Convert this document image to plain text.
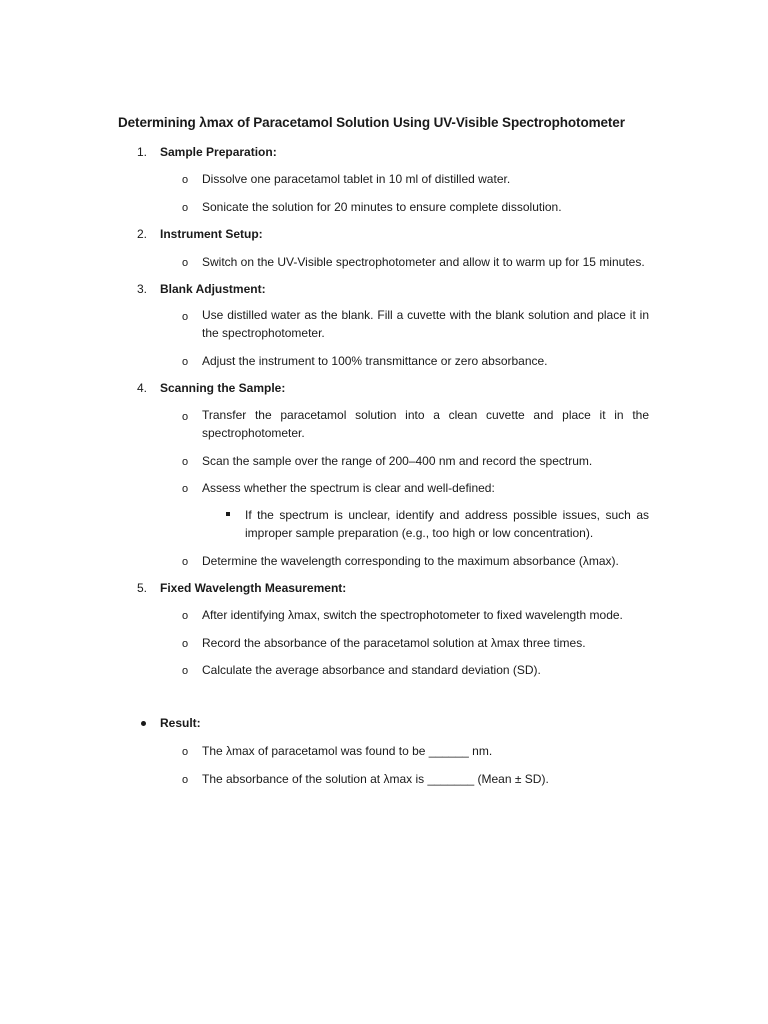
Determining λmax of Paracetamol Solution Using UV-Visible Spectrophotometer
1. Sample Preparation:
o Dissolve one paracetamol tablet in 10 ml of distilled water.
o Sonicate the solution for 20 minutes to ensure complete dissolution.
2. Instrument Setup:
o Switch on the UV-Visible spectrophotometer and allow it to warm up for 15 minutes.
3. Blank Adjustment:
o Use distilled water as the blank. Fill a cuvette with the blank solution and place it in the spectrophotometer.
o Adjust the instrument to 100% transmittance or zero absorbance.
4. Scanning the Sample:
o Transfer the paracetamol solution into a clean cuvette and place it in the spectrophotometer.
o Scan the sample over the range of 200–400 nm and record the spectrum.
o Assess whether the spectrum is clear and well-defined:
If the spectrum is unclear, identify and address possible issues, such as improper sample preparation (e.g., too high or low concentration).
o Determine the wavelength corresponding to the maximum absorbance (λmax).
5. Fixed Wavelength Measurement:
o After identifying λmax, switch the spectrophotometer to fixed wavelength mode.
o Record the absorbance of the paracetamol solution at λmax three times.
o Calculate the average absorbance and standard deviation (SD).
Result:
o The λmax of paracetamol was found to be ______ nm.
o The absorbance of the solution at λmax is _______ (Mean ± SD).
